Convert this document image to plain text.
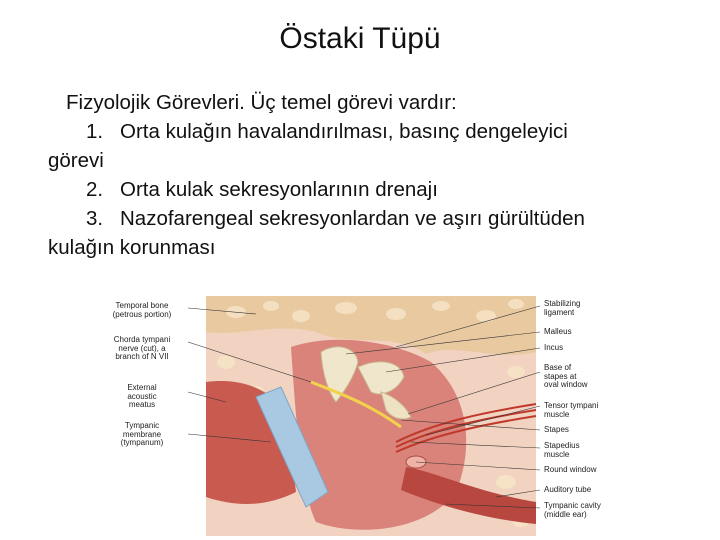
Östaki Tüpü
Fizyolojik Görevleri. Üç temel görevi vardır:
1. Orta kulağın havalandırılması, basınç dengeleyici
görevi
2. Orta kulak sekresyonlarının drenajı
3. Nazofarengeal sekresyonlardan ve aşırı gürültüden
kulağın korunması
Temporal bone
(petrous portion)
Chorda tympani
nerve (cut), a
branch of N VII
External
acoustic
meatus
Tympanic
membrane
(tympanum)
Stabilizing
ligament
Malleus
Incus
Base of
stapes at
oval window
Tensor tympani
muscle
Stapes
Stapedius
muscle
Round window
Auditory tube
Tympanic cavity
(middle ear)
